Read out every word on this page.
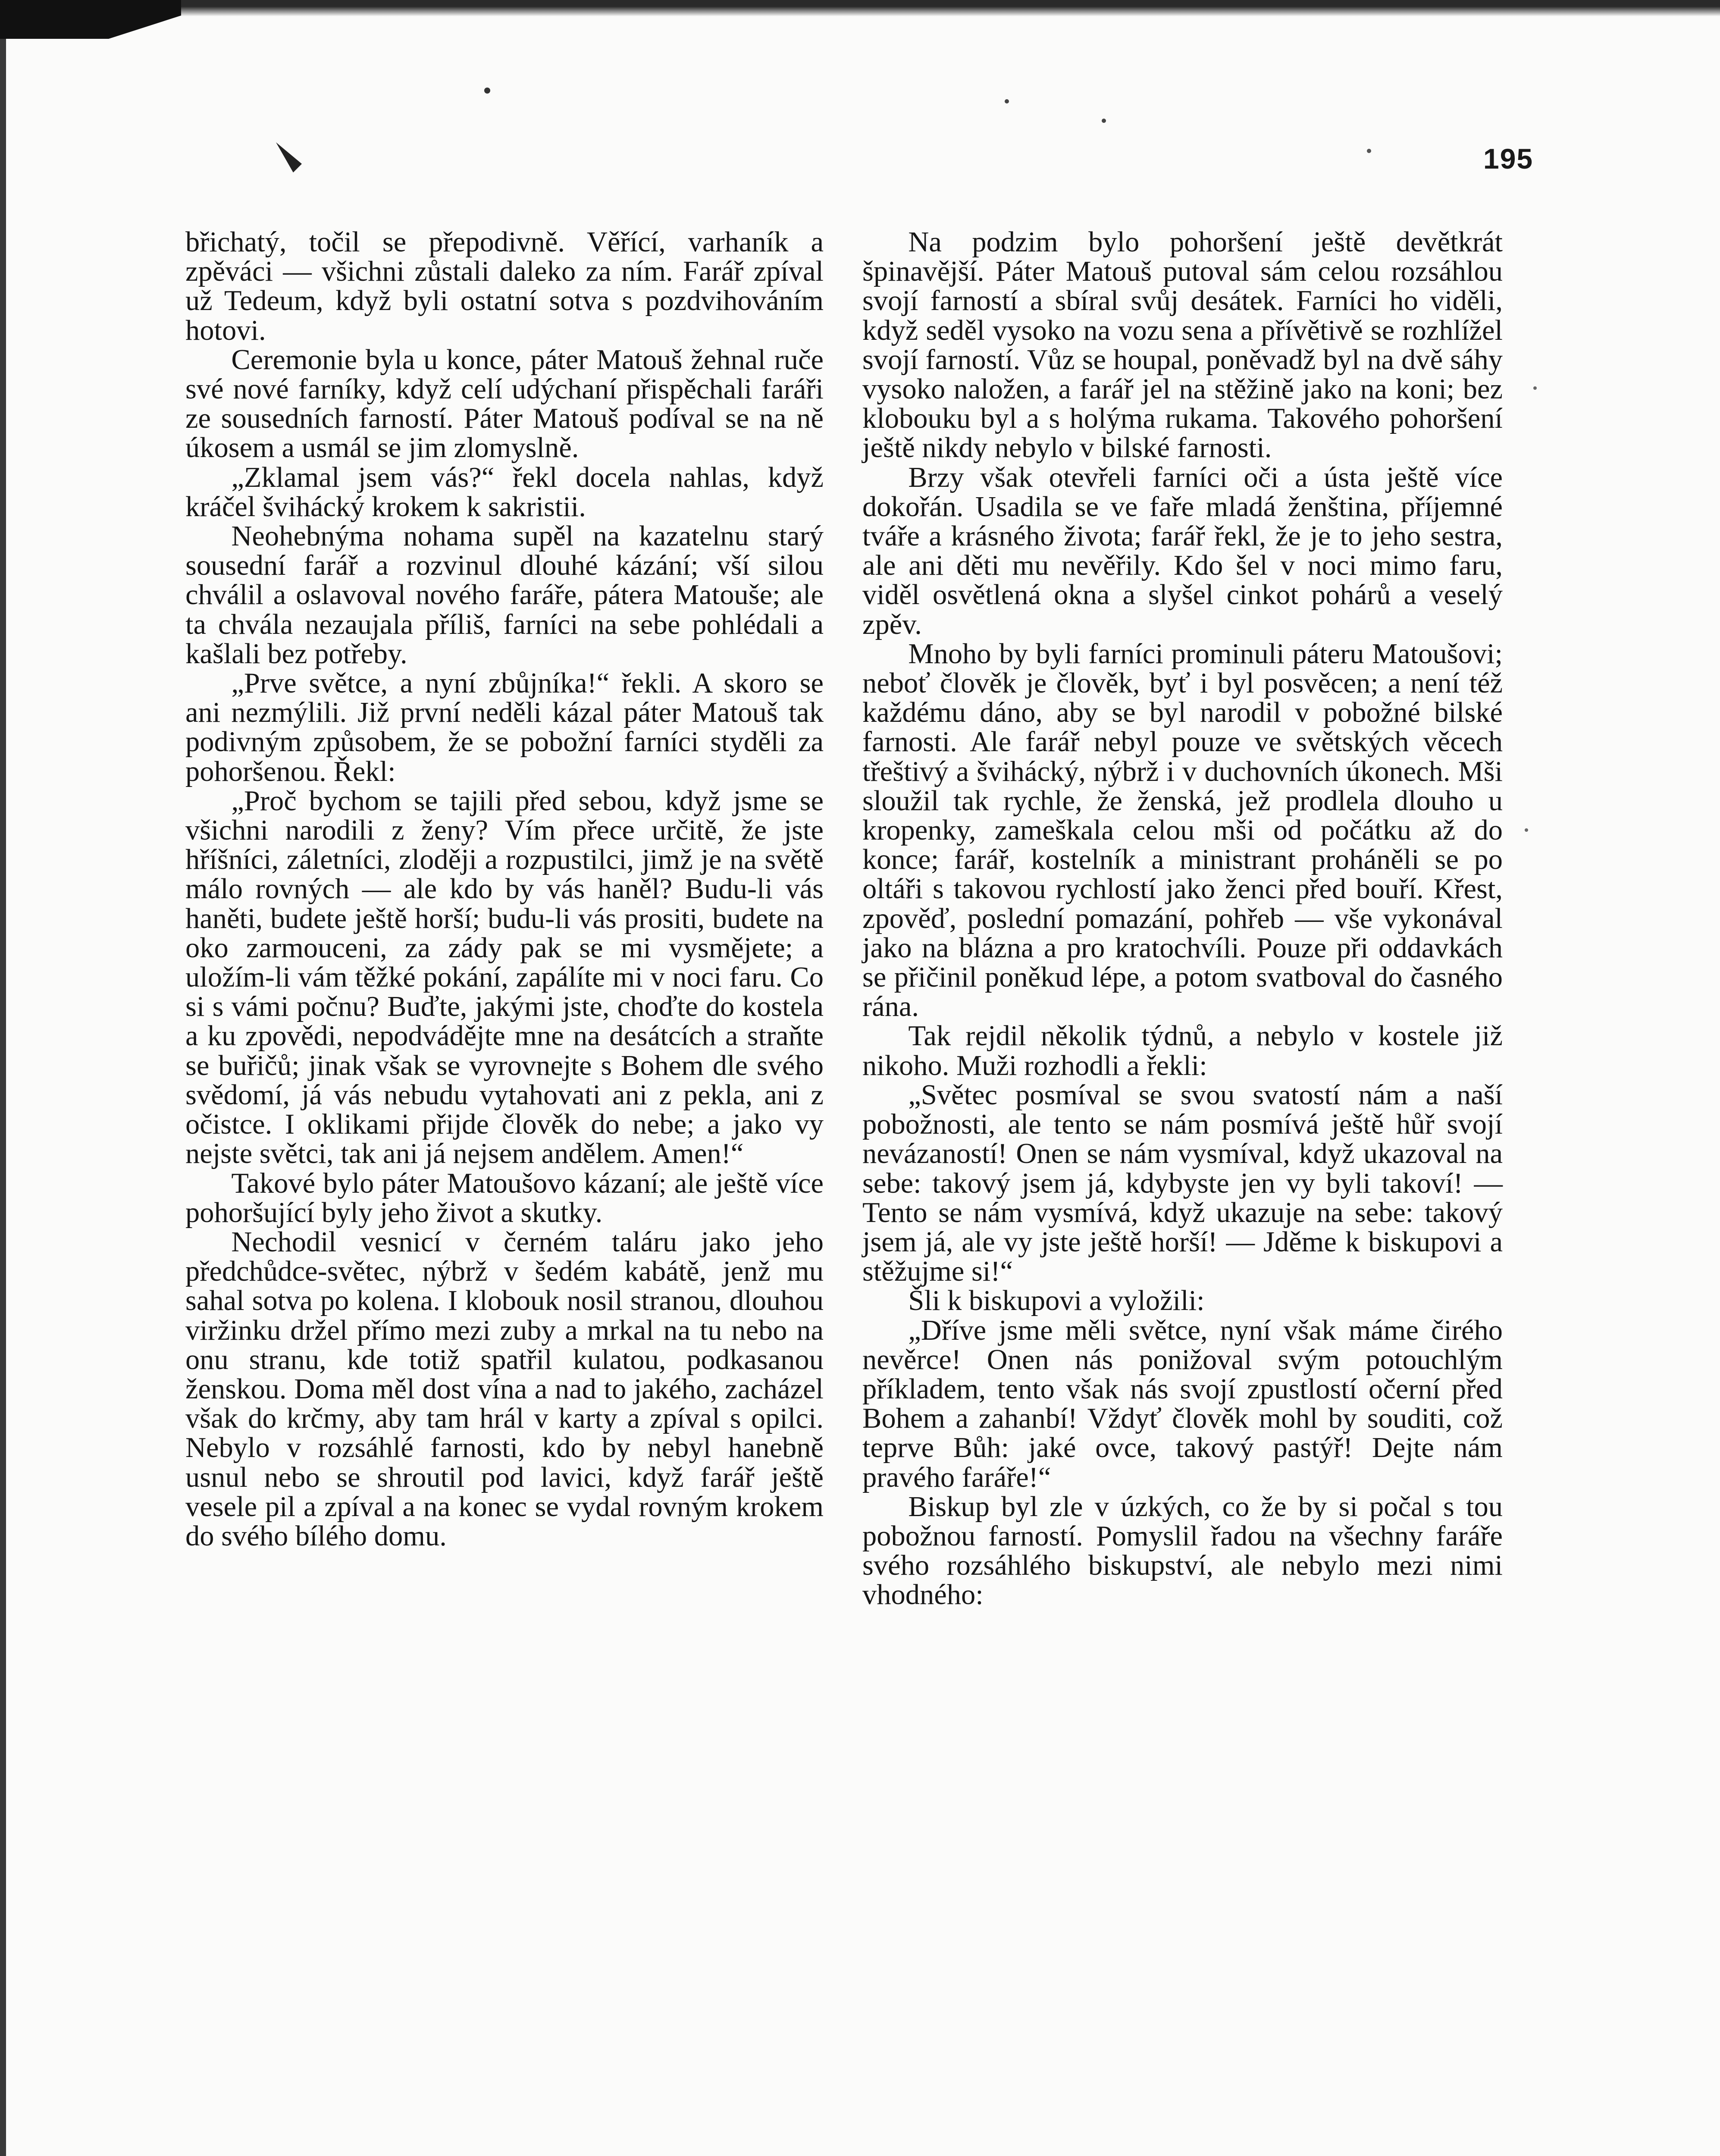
195

břichatý, točil se přepodivně. Věřící, varhaník a zpěváci — všichni zůstali daleko za ním. Farář zpíval už Tedeum, když byli ostatní sotva s pozdvihováním hotovi.

Ceremonie byla u konce, páter Matouš žehnal ruče své nové farníky, když celí udýchaní přispěchali faráři ze sousedních farností. Páter Matouš podíval se na ně úkosem a usmál se jim zlomyslně.

„Zklamal jsem vás?“ řekl docela nahlas, když kráčel švihácký krokem k sakristii.

Neohebnýma nohama supěl na kazatelnu starý sousední farář a rozvinul dlouhé kázání; vší silou chválil a oslavoval nového faráře, pátera Matouše; ale ta chvála nezaujala příliš, farníci na sebe pohlédali a kašlali bez potřeby.

„Prve světce, a nyní zbůjníka!“ řekli. A skoro se ani nezmýlili. Již první neděli kázal páter Matouš tak podivným způsobem, že se pobožní farníci styděli za pohoršenou. Řekl:

„Proč bychom se tajili před sebou, když jsme se všichni narodili z ženy? Vím přece určitě, že jste hříšníci, záletníci, zloději a rozpustilci, jimž je na světě málo rovných — ale kdo by vás haněl? Budu-li vás haněti, budete ještě horší; budu-li vás prositi, budete na oko zarmouceni, za zády pak se mi vysmějete; a uložím-li vám těžké pokání, zapálíte mi v noci faru. Co si s vámi počnu? Buďte, jakými jste, choďte do kostela a ku zpovědi, nepodvádějte mne na desátcích a straňte se buřičů; jinak však se vyrovnejte s Bohem dle svého svědomí, já vás nebudu vytahovati ani z pekla, ani z očistce. I oklikami přijde člověk do nebe; a jako vy nejste světci, tak ani já nejsem andělem. Amen!“

Takové bylo páter Matoušovo kázaní; ale ještě více pohoršující byly jeho život a skutky.

Nechodil vesnicí v černém taláru jako jeho předchůdce-světec, nýbrž v šedém kabátě, jenž mu sahal sotva po kolena. I klobouk nosil stranou, dlouhou viržinku držel přímo mezi zuby a mrkal na tu nebo na onu stranu, kde totiž spatřil kulatou, podkasanou ženskou. Doma měl dost vína a nad to jakého, zacházel však do krčmy, aby tam hrál v karty a zpíval s opilci. Nebylo v rozsáhlé farnosti, kdo by nebyl hanebně usnul nebo se shroutil pod lavici, když farář ještě vesele pil a zpíval a na konec se vydal rovným krokem do svého bílého domu.

Na podzim bylo pohoršení ještě devětkrát špinavější. Páter Matouš putoval sám celou rozsáhlou svojí farností a sbíral svůj desátek. Farníci ho viděli, když seděl vysoko na vozu sena a přívětivě se rozhlížel svojí farností. Vůz se houpal, poněvadž byl na dvě sáhy vysoko naložen, a farář jel na stěžině jako na koni; bez klobouku byl a s holýma rukama. Takového pohoršení ještě nikdy nebylo v bilské farnosti.

Brzy však otevřeli farníci oči a ústa ještě více dokořán. Usadila se ve faře mladá ženština, příjemné tváře a krásného života; farář řekl, že je to jeho sestra, ale ani děti mu nevěřily. Kdo šel v noci mimo faru, viděl osvětlená okna a slyšel cinkot pohárů a veselý zpěv.

Mnoho by byli farníci prominuli páteru Matoušovi; neboť člověk je člověk, byť i byl posvěcen; a není též každému dáno, aby se byl narodil v pobožné bilské farnosti. Ale farář nebyl pouze ve světských věcech třeštivý a švihácký, nýbrž i v duchovních úkonech. Mši sloužil tak rychle, že ženská, jež prodlela dlouho u kropenky, zameškala celou mši od počátku až do konce; farář, kostelník a ministrant proháněli se po oltáři s takovou rychlostí jako ženci před bouří. Křest, zpověď, poslední pomazání, pohřeb — vše vykonával jako na blázna a pro kratochvíli. Pouze při oddavkách se přičinil poněkud lépe, a potom svatboval do časného rána.

Tak rejdil několik týdnů, a nebylo v kostele již nikoho. Muži rozhodli a řekli:

„Světec posmíval se svou svatostí nám a naší pobožnosti, ale tento se nám posmívá ještě hůř svojí nevázaností! Onen se nám vysmíval, když ukazoval na sebe: takový jsem já, kdybyste jen vy byli takoví! — Tento se nám vysmívá, když ukazuje na sebe: takový jsem já, ale vy jste ještě horší! — Jděme k biskupovi a stěžujme si!“

Šli k biskupovi a vyložili:

„Dříve jsme měli světce, nyní však máme čirého nevěrce! Onen nás ponižoval svým potouchlým příkladem, tento však nás svojí zpustlostí očerní před Bohem a zahanbí! Vždyť člověk mohl by souditi, což teprve Bůh: jaké ovce, takový pastýř! Dejte nám pravého faráře!“

Biskup byl zle v úzkých, co že by si počal s tou pobožnou farností. Pomyslil řadou na všechny faráře svého rozsáhlého biskupství, ale nebylo mezi nimi vhodného:
